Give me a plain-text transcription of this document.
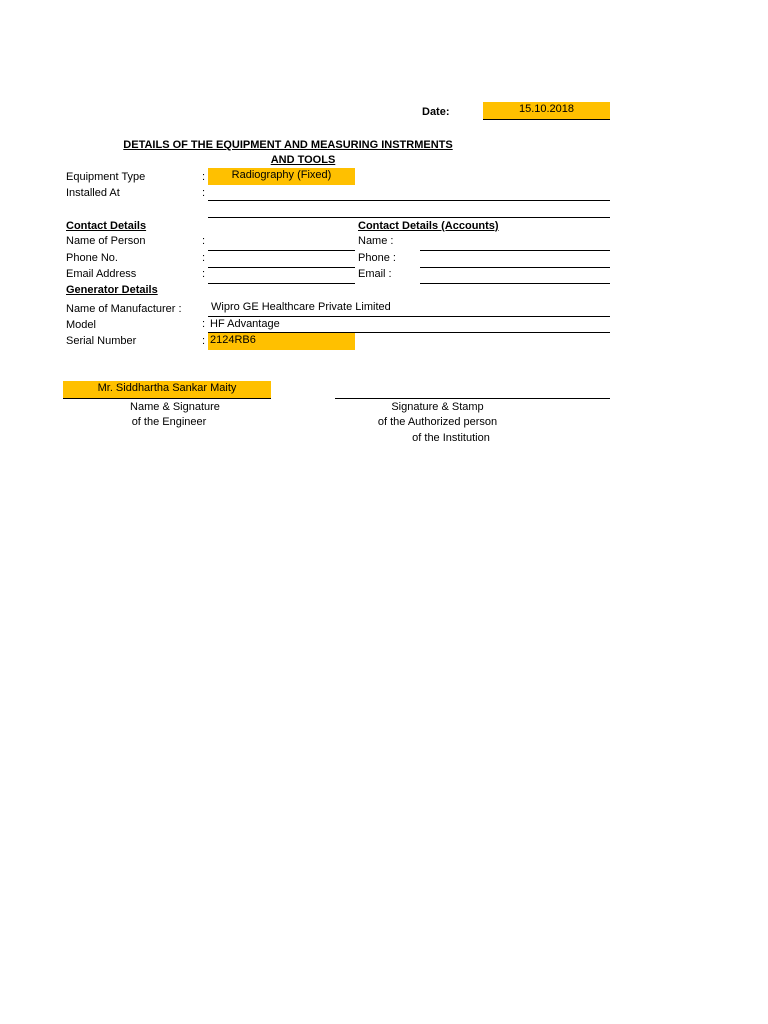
Date:	15.10.2018
DETAILS OF THE EQUIPMENT AND MEASURING INSTRMENTS
AND TOOLS
Equipment Type	:	Radiography (Fixed)
Installed At	:
Contact Details	Contact Details (Accounts)
Name of Person	:	Name :
Phone No.	:	Phone :
Email Address	:	Email :
Generator Details
Name of Manufacturer :	Wipro GE Healthcare Private Limited
Model	: HF Advantage
Serial Number	: 2124RB6
Mr. Siddhartha Sankar Maity
Name & Signature
of the Engineer
Signature & Stamp
of the Authorized person
of the Institution
